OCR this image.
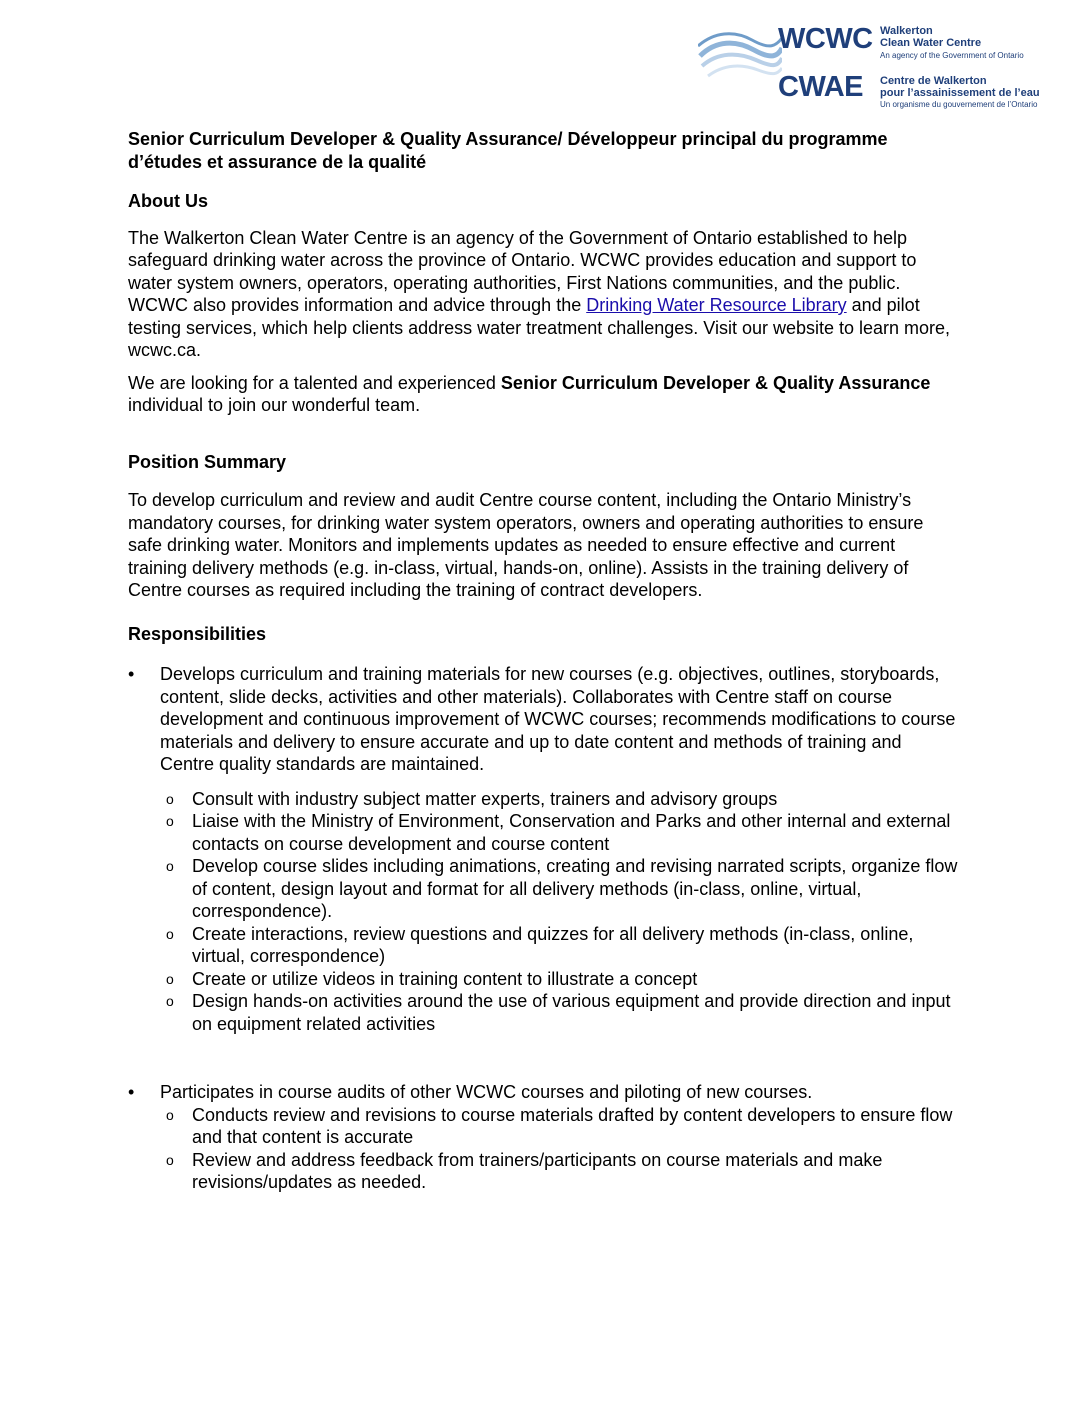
WCWC Walkerton
Clean Water Centre
An agency of the Government of Ontario
CWAE Centre de Walkerton
pour l’assainissement de l’eau
Un organisme du gouvernement de l’Ontario
Senior Curriculum Developer & Quality Assurance/ Développeur principal du programme d’études et assurance de la qualité
About Us

The Walkerton Clean Water Centre is an agency of the Government of Ontario established to help safeguard drinking water across the province of Ontario. WCWC provides education and support to water system owners, operators, operating authorities, First Nations communities, and the public. WCWC also provides information and advice through the Drinking Water Resource Library and pilot testing services, which help clients address water treatment challenges. Visit our website to learn more, wcwc.ca.

We are looking for a talented and experienced Senior Curriculum Developer & Quality Assurance individual to join our wonderful team.

Position Summary

To develop curriculum and review and audit Centre course content, including the Ontario Ministry’s mandatory courses, for drinking water system operators, owners and operating authorities to ensure safe drinking water. Monitors and implements updates as needed to ensure effective and current training delivery methods (e.g. in-class, virtual, hands-on, online). Assists in the training delivery of Centre courses as required including the training of contract developers.

Responsibilities
• Develops curriculum and training materials for new courses (e.g. objectives, outlines, storyboards, content, slide decks, activities and other materials). Collaborates with Centre staff on course development and continuous improvement of WCWC courses; recommends modifications to course materials and delivery to ensure accurate and up to date content and methods of training and Centre quality standards are maintained.
o Consult with industry subject matter experts, trainers and advisory groups
o Liaise with the Ministry of Environment, Conservation and Parks and other internal and external contacts on course development and course content
o Develop course slides including animations, creating and revising narrated scripts, organize flow of content, design layout and format for all delivery methods (in-class, online, virtual, correspondence).
o Create interactions, review questions and quizzes for all delivery methods (in-class, online, virtual, correspondence)
o Create or utilize videos in training content to illustrate a concept
o Design hands-on activities around the use of various equipment and provide direction and input on equipment related activities
• Participates in course audits of other WCWC courses and piloting of new courses.
o Conducts review and revisions to course materials drafted by content developers to ensure flow and that content is accurate
o Review and address feedback from trainers/participants on course materials and make revisions/updates as needed.
